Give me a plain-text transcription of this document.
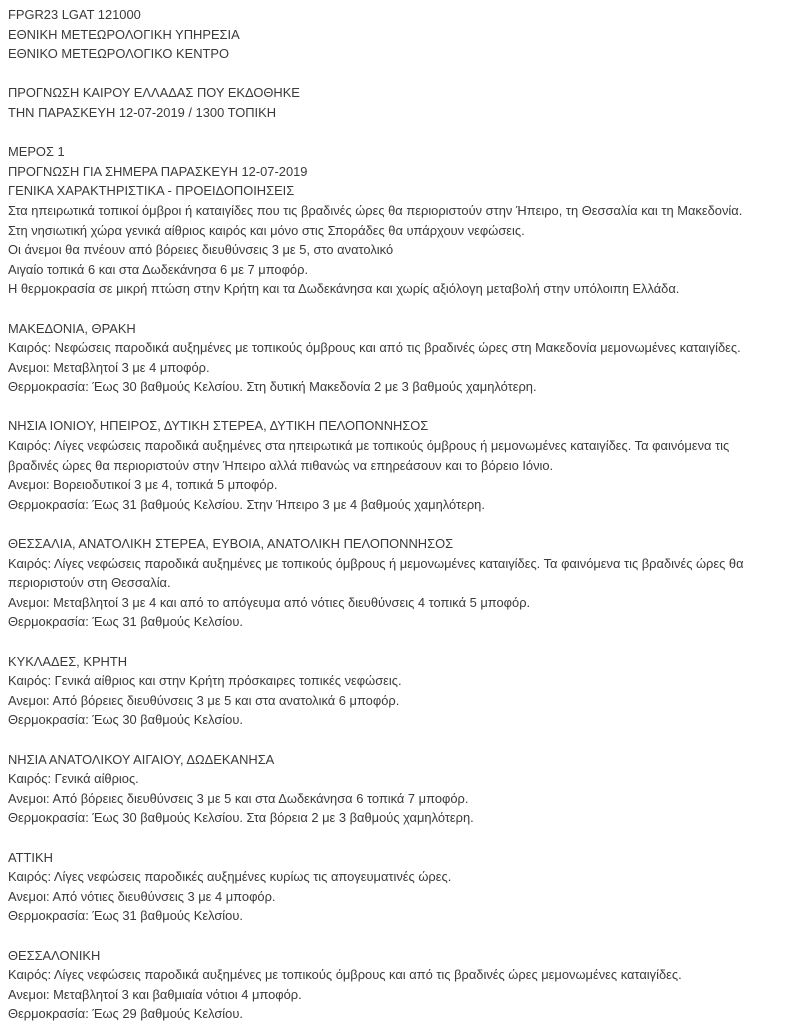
FPGR23 LGAT 121000
ΕΘΝΙΚΗ ΜΕΤΕΩΡΟΛΟΓΙΚΗ ΥΠΗΡΕΣΙΑ
ΕΘΝΙΚΟ ΜΕΤΕΩΡΟΛΟΓΙΚΟ ΚΕΝΤΡΟ
ΠΡΟΓΝΩΣΗ ΚΑΙΡΟΥ ΕΛΛΑΔΑΣ ΠΟΥ ΕΚΔΟΘΗΚΕ
ΤΗΝ ΠΑΡΑΣΚΕΥΗ 12-07-2019 / 1300 ΤΟΠΙΚΗ
ΜΕΡΟΣ 1
ΠΡΟΓΝΩΣΗ ΓΙΑ ΣΗΜΕΡΑ ΠΑΡΑΣΚΕΥΗ 12-07-2019
ΓΕΝΙΚΑ ΧΑΡΑΚΤΗΡΙΣΤΙΚΑ - ΠΡΟΕΙΔΟΠΟΙΗΣΕΙΣ
Στα ηπειρωτικά τοπικοί όμβροι ή καταιγίδες που τις βραδινές ώρες θα περιοριστούν στην Ήπειρο, τη Θεσσαλία και τη Μακεδονία.
Στη νησιωτική χώρα γενικά αίθριος καιρός και μόνο στις Σποράδες θα υπάρχουν νεφώσεις.
Οι άνεμοι θα πνέουν από βόρειες διευθύνσεις 3 με 5, στο ανατολικό
Αιγαίο τοπικά 6 και στα Δωδεκάνησα 6 με 7 μποφόρ.
Η θερμοκρασία σε μικρή πτώση στην Κρήτη και τα Δωδεκάνησα και χωρίς αξιόλογη μεταβολή στην υπόλοιπη Ελλάδα.
ΜΑΚΕΔΟΝΙΑ, ΘΡΑΚΗ
Καιρός: Νεφώσεις παροδικά αυξημένες με τοπικούς όμβρους και από τις βραδινές ώρες στη Μακεδονία μεμονωμένες καταιγίδες.
Ανεμοι: Μεταβλητοί 3 με 4 μποφόρ.
Θερμοκρασία: Έως 30 βαθμούς Κελσίου. Στη δυτική Μακεδονία 2 με 3 βαθμούς χαμηλότερη.
ΝΗΣΙΑ ΙΟΝΙΟΥ, ΗΠΕΙΡΟΣ, ΔΥΤΙΚΗ ΣΤΕΡΕΑ, ΔΥΤΙΚΗ ΠΕΛΟΠΟΝΝΗΣΟΣ
Καιρός: Λίγες νεφώσεις παροδικά αυξημένες στα ηπειρωτικά με τοπικούς όμβρους ή μεμονωμένες καταιγίδες. Τα φαινόμενα τις
βραδινές ώρες θα περιοριστούν στην Ήπειρο αλλά πιθανώς να επηρεάσουν και το βόρειο Ιόνιο.
Ανεμοι: Βορειοδυτικοί 3 με 4, τοπικά 5 μποφόρ.
Θερμοκρασία: Έως 31 βαθμούς Κελσίου. Στην Ήπειρο 3 με 4 βαθμούς χαμηλότερη.
ΘΕΣΣΑΛΙΑ, ΑΝΑΤΟΛΙΚΗ ΣΤΕΡΕΑ, ΕΥΒΟΙΑ, ΑΝΑΤΟΛΙΚΗ ΠΕΛΟΠΟΝΝΗΣΟΣ
Καιρός: Λίγες νεφώσεις παροδικά αυξημένες με τοπικούς όμβρους ή μεμονωμένες καταιγίδες. Τα φαινόμενα τις βραδινές ώρες θα
περιοριστούν στη Θεσσαλία.
Ανεμοι: Μεταβλητοί 3 με 4 και από το απόγευμα από νότιες διευθύνσεις 4 τοπικά 5 μποφόρ.
Θερμοκρασία: Έως 31 βαθμούς Κελσίου.
ΚΥΚΛΑΔΕΣ, ΚΡΗΤΗ
Καιρός: Γενικά αίθριος και στην Κρήτη πρόσκαιρες τοπικές νεφώσεις.
Ανεμοι: Από βόρειες διευθύνσεις 3 με 5 και στα ανατολικά 6 μποφόρ.
Θερμοκρασία: Έως 30 βαθμούς Κελσίου.
ΝΗΣΙΑ ΑΝΑΤΟΛΙΚΟΥ ΑΙΓΑΙΟΥ, ΔΩΔΕΚΑΝΗΣΑ
Καιρός: Γενικά αίθριος.
Ανεμοι: Από βόρειες διευθύνσεις 3 με 5 και στα Δωδεκάνησα 6 τοπικά 7 μποφόρ.
Θερμοκρασία: Έως 30 βαθμούς Κελσίου. Στα βόρεια 2 με 3 βαθμούς χαμηλότερη.
ΑΤΤΙΚΗ
Καιρός: Λίγες νεφώσεις παροδικές αυξημένες κυρίως τις απογευματινές ώρες.
Ανεμοι: Από νότιες διευθύνσεις 3 με 4 μποφόρ.
Θερμοκρασία: Έως 31 βαθμούς Κελσίου.
ΘΕΣΣΑΛΟΝΙΚΗ
Καιρός: Λίγες νεφώσεις παροδικά αυξημένες με τοπικούς όμβρους και από τις βραδινές ώρες μεμονωμένες καταιγίδες.
Ανεμοι: Μεταβλητοί 3 και βαθμιαία νότιοι 4 μποφόρ.
Θερμοκρασία: Έως 29 βαθμούς Κελσίου.
